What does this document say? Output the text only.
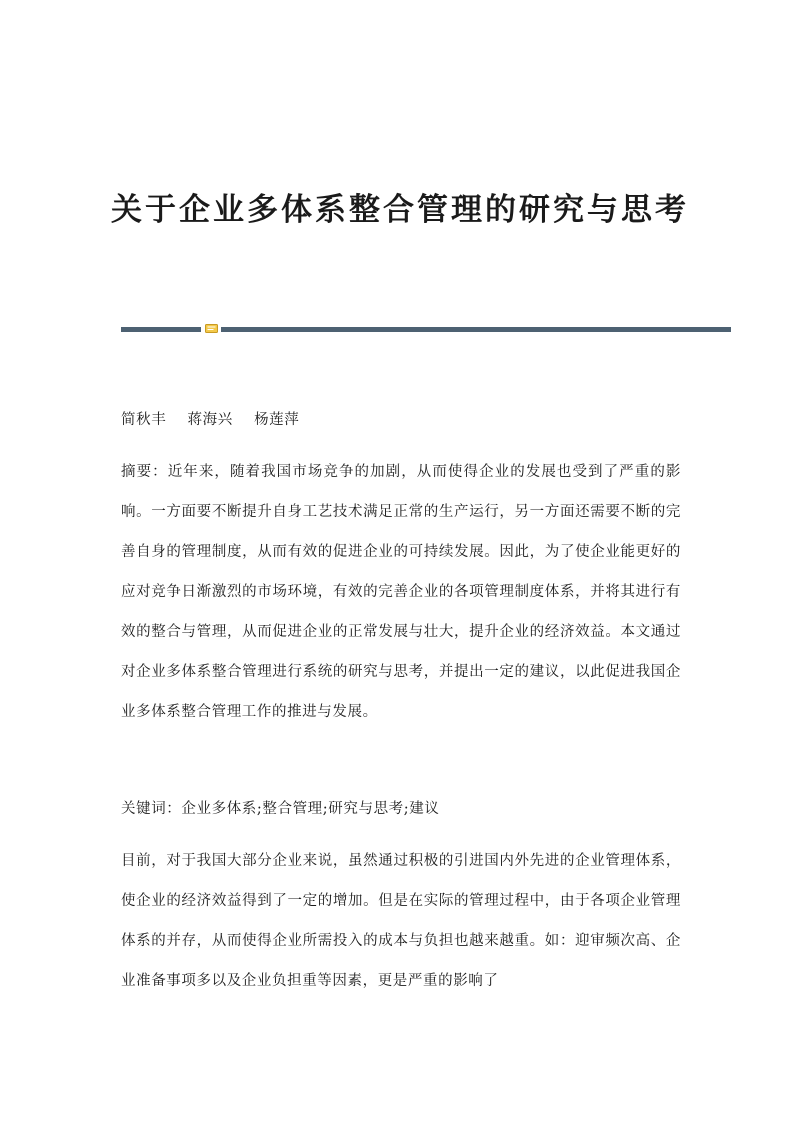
关于企业多体系整合管理的研究与思考
简秋丰 蒋海兴 杨莲萍
摘要：近年来，随着我国市场竞争的加剧，从而使得企业的发展也受到了严重的影响。一方面要不断提升自身工艺技术满足正常的生产运行，另一方面还需要不断的完善自身的管理制度，从而有效的促进企业的可持续发展。因此，为了使企业能更好的应对竞争日渐激烈的市场环境，有效的完善企业的各项管理制度体系，并将其进行有效的整合与管理，从而促进企业的正常发展与壮大，提升企业的经济效益。本文通过对企业多体系整合管理进行系统的研究与思考，并提出一定的建议，以此促进我国企业多体系整合管理工作的推进与发展。
关键词：企业多体系;整合管理;研究与思考;建议
目前，对于我国大部分企业来说，虽然通过积极的引进国内外先进的企业管理体系，使企业的经济效益得到了一定的增加。但是在实际的管理过程中，由于各项企业管理体系的并存，从而使得企业所需投入的成本与负担也越来越重。如：迎审频次高、企业准备事项多以及企业负担重等因素，更是严重的影响了
